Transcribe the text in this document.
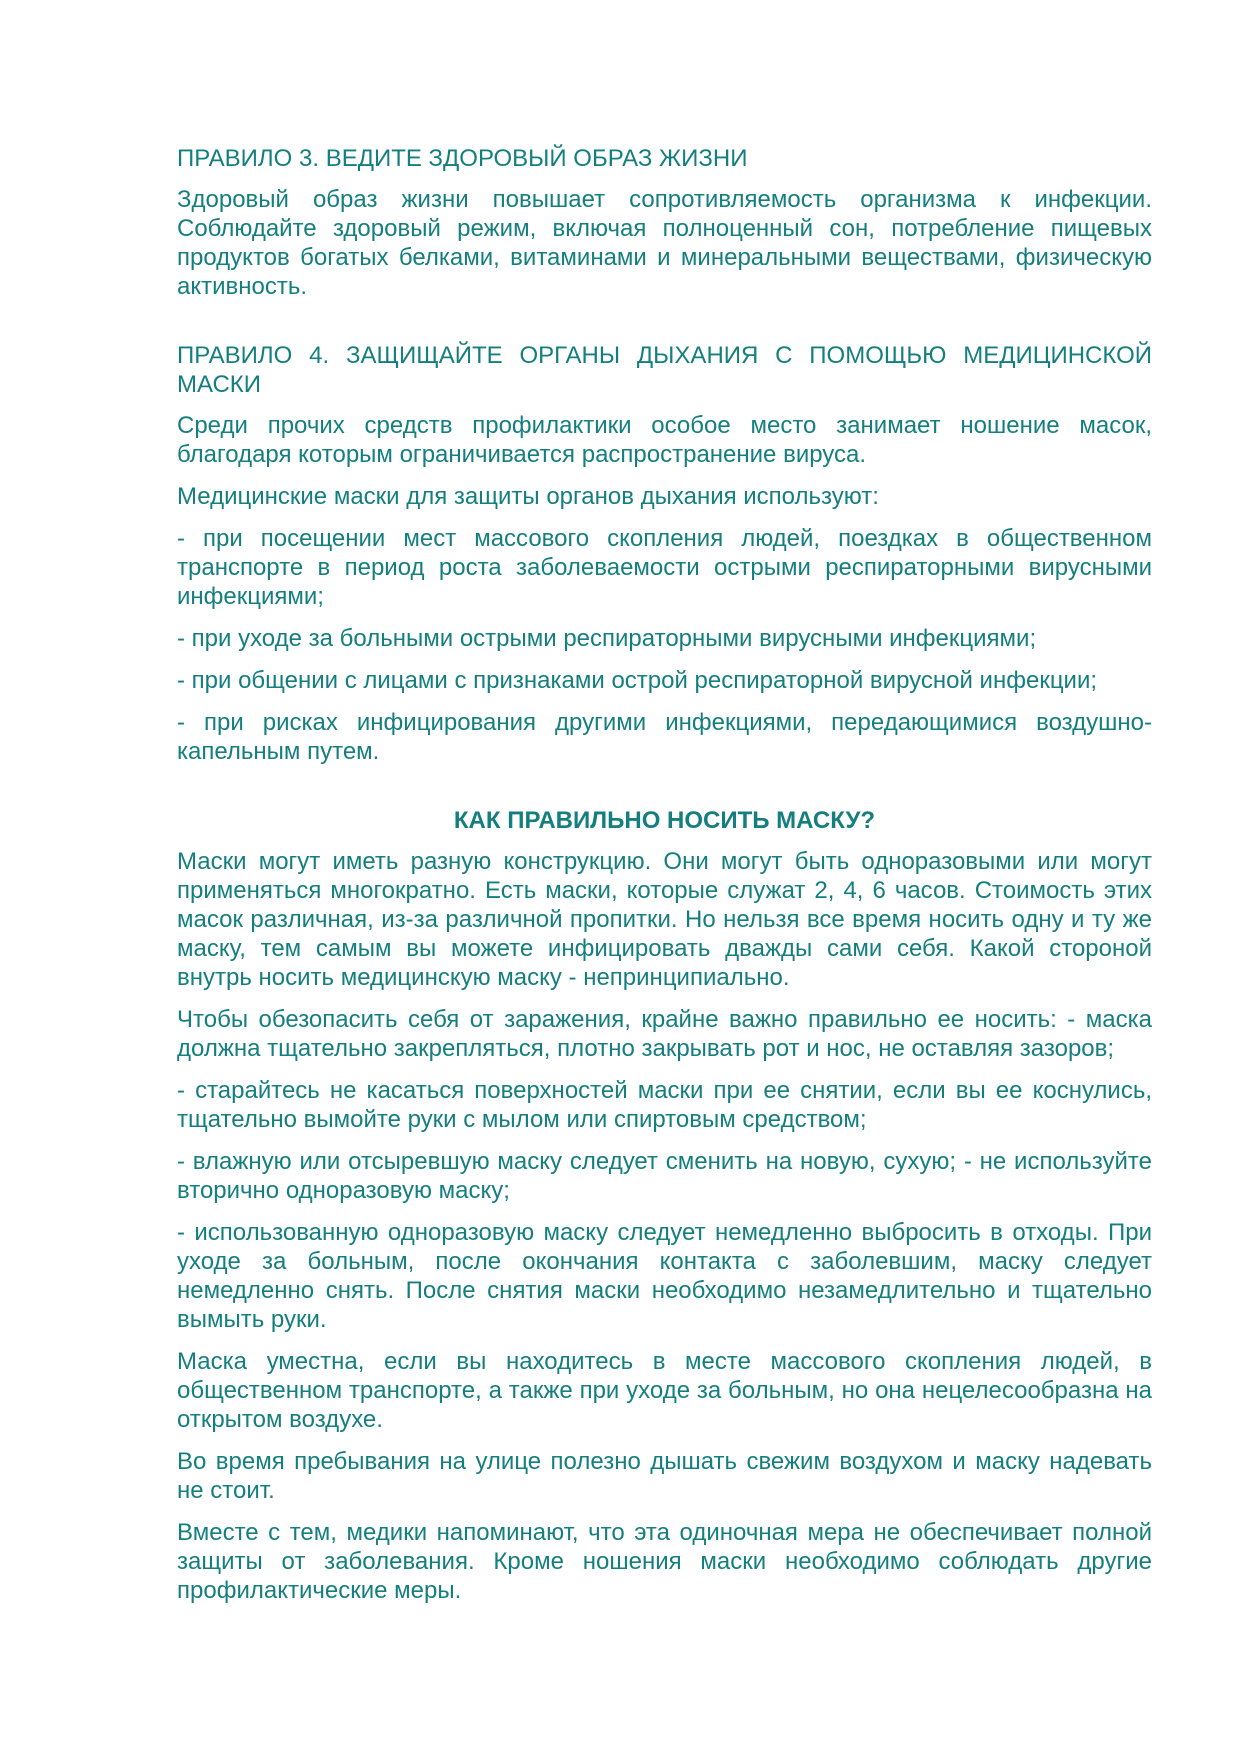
ПРАВИЛО 3. ВЕДИТЕ ЗДОРОВЫЙ ОБРАЗ ЖИЗНИ

Здоровый образ жизни повышает сопротивляемость организма к инфекции. Соблюдайте здоровый режим, включая полноценный сон, потребление пищевых продуктов богатых белками, витаминами и минеральными веществами, физическую активность.

ПРАВИЛО 4. ЗАЩИЩАЙТЕ ОРГАНЫ ДЫХАНИЯ С ПОМОЩЬЮ МЕДИЦИНСКОЙ МАСКИ

Среди прочих средств профилактики особое место занимает ношение масок, благодаря которым ограничивается распространение вируса.

Медицинские маски для защиты органов дыхания используют:

- при посещении мест массового скопления людей, поездках в общественном транспорте в период роста заболеваемости острыми респираторными вирусными инфекциями;

- при уходе за больными острыми респираторными вирусными инфекциями;

- при общении с лицами с признаками острой респираторной вирусной инфекции;

- при рисках инфицирования другими инфекциями, передающимися воздушно-капельным путем.

КАК ПРАВИЛЬНО НОСИТЬ МАСКУ?

Маски могут иметь разную конструкцию. Они могут быть одноразовыми или могут применяться многократно. Есть маски, которые служат 2, 4, 6 часов. Стоимость этих масок различная, из-за различной пропитки. Но нельзя все время носить одну и ту же маску, тем самым вы можете инфицировать дважды сами себя. Какой стороной внутрь носить медицинскую маску - непринципиально.

Чтобы обезопасить себя от заражения, крайне важно правильно ее носить: - маска должна тщательно закрепляться, плотно закрывать рот и нос, не оставляя зазоров;

- старайтесь не касаться поверхностей маски при ее снятии, если вы ее коснулись, тщательно вымойте руки с мылом или спиртовым средством;

- влажную или отсыревшую маску следует сменить на новую, сухую; - не используйте вторично одноразовую маску;

- использованную одноразовую маску следует немедленно выбросить в отходы. При уходе за больным, после окончания контакта с заболевшим, маску следует немедленно снять. После снятия маски необходимо незамедлительно и тщательно вымыть руки.

Маска уместна, если вы находитесь в месте массового скопления людей, в общественном транспорте, а также при уходе за больным, но она нецелесообразна на открытом воздухе.

Во время пребывания на улице полезно дышать свежим воздухом и маску надевать не стоит.

Вместе с тем, медики напоминают, что эта одиночная мера не обеспечивает полной защиты от заболевания. Кроме ношения маски необходимо соблюдать другие профилактические меры.
